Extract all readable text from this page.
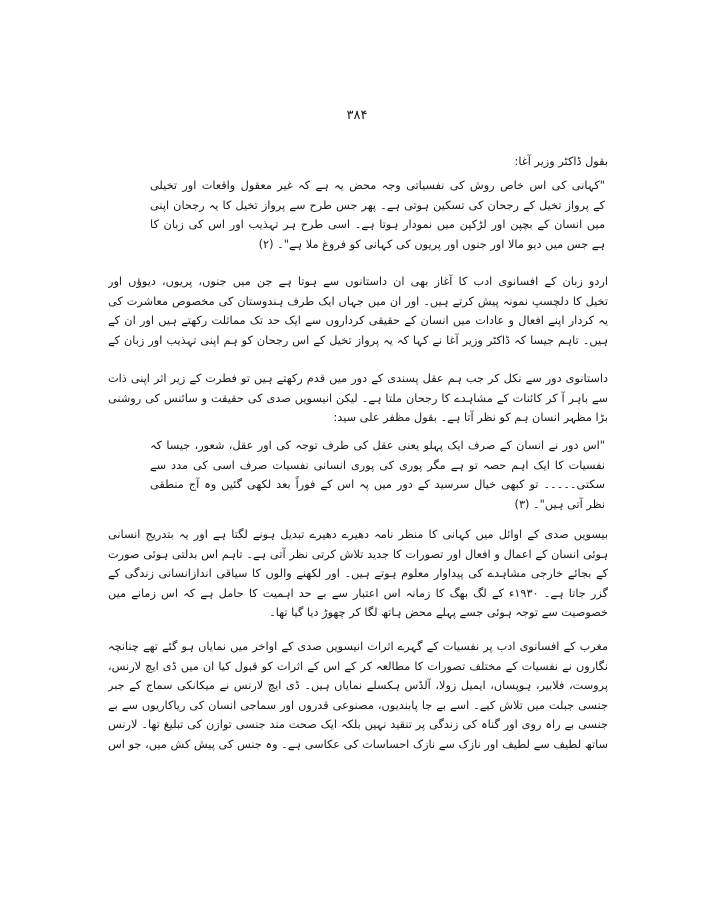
۳۸۴
بقول ڈاکٹر وزیر آغا:
"کہانی کی اس خاص روش کی نفسیاتی وجہ محض یہ ہے کہ غیر معقول واقعات اور تخیلی
کے پرواز تخیل کے رجحان کی تسکین ہوتی ہے۔ پھر جس طرح سے پرواز تخیل کا یہ رجحان اپنی
میں انسان کے بچپن اور لڑکپن میں نمودار ہوتا ہے۔ اسی طرح ہر تہذیب اور اس کی زبان کا
ہے جس میں دیو مالا اور جنوں اور پریوں کی کہانی کو فروغ ملا ہے"۔ (۲)
اردو زبان کے افسانوی ادب کا آغاز بھی ان داستانوں سے ہوتا ہے جن میں جنوں، پریوں، دیوؤں اور
تخیل کا دلچسپ نمونہ پیش کرتے ہیں۔ اور ان میں جہاں ایک طرف ہندوستان کی مخصوص معاشرت کی
یہ کردار اپنے افعال و عادات میں انسان کے حقیقی کرداروں سے ایک حد تک مماثلت رکھتے ہیں اور ان کے
ہیں۔ تاہم جیسا کہ ڈاکٹر وزیر آغا نے کہا کہ یہ پرواز تخیل کے اس رجحان کو ہم اپنی تہذیب اور زبان کے
داستانوی دور سے نکل کر جب ہم عقل پسندی کے دور میں قدم رکھتے ہیں تو فطرت کے زیر اثر اپنی ذات
سے باہر آ کر کائنات کے مشاہدے کا رجحان ملتا ہے۔ لیکن انیسویں صدی کی حقیقت و سائنس کی روشنی
بڑا مظہر انسان ہم کو نظر آتا ہے۔ بقول مظفر علی سید:
"اس دور نے انسان کے صرف ایک پہلو یعنی عقل کی طرف توجہ کی اور عقل، شعور، جیسا کہ
نفسیات کا ایک اہم حصہ تو ہے مگر پوری کی پوری انسانی نفسیات صرف اسی کی مدد سے
سکتی۔۔۔۔۔ تو کبھی خیال سرسید کے دور میں پہ اس کے فوراً بعد لکھی گئیں وہ آج منطقی
نظر آتی ہیں"۔ (۳)
بیسویں صدی کے اوائل میں کہانی کا منظر نامہ دھیرے دھیرے تبدیل ہونے لگتا ہے اور یہ بتدریج انسانی
ہوئی انسان کے اعمال و افعال اور تصورات کا جدید تلاش کرتی نظر آتی ہے۔ تاہم اس بدلتی ہوئی صورت
کے بجائے خارجی مشاہدے کی پیداوار معلوم ہوتے ہیں۔ اور لکھنے والوں کا سیاقی اندازانسانی زندگی کے
گزر جاتا ہے۔ ۱۹۳۰ء کے لگ بھگ کا زمانہ اس اعتبار سے بے حد اہمیت کا حامل ہے کہ اس زمانے میں
خصوصیت سے توجہ ہوئی جسے پہلے محض ہاتھ لگا کر چھوڑ دیا گیا تھا۔
مغرب کے افسانوی ادب پر نفسیات کے گہرے اثرات انیسویں صدی کے اواخر میں نمایاں ہو گئے تھے چنانچہ
نگاروں نے نفسیات کے مختلف تصورات کا مطالعہ کر کے اس کے اثرات کو قبول کیا ان میں ڈی ایچ لارنس،
پروست، فلابیر، ہوپساں، ایمیل زولا، آلڈس ہکسلے نمایاں ہیں۔ ڈی ایچ لارنس نے میکانکی سماج کے جبر
جنسی جبلت میں تلاش کیے۔ اسے بے جا پابندیوں، مصنوعی قدروں اور سماجی انسان کی ریاکاریوں سے بے
جنسی بے راہ روی اور گناہ کی زندگی پر تنقید نہیں بلکہ ایک صحت مند جنسی توازن کی تبلیغ تھا۔ لارنس
ساتھ لطیف سے لطیف اور نازک سے نازک احساسات کی عکاسی ہے۔ وہ جنس کی پیش کش میں، جو اس
